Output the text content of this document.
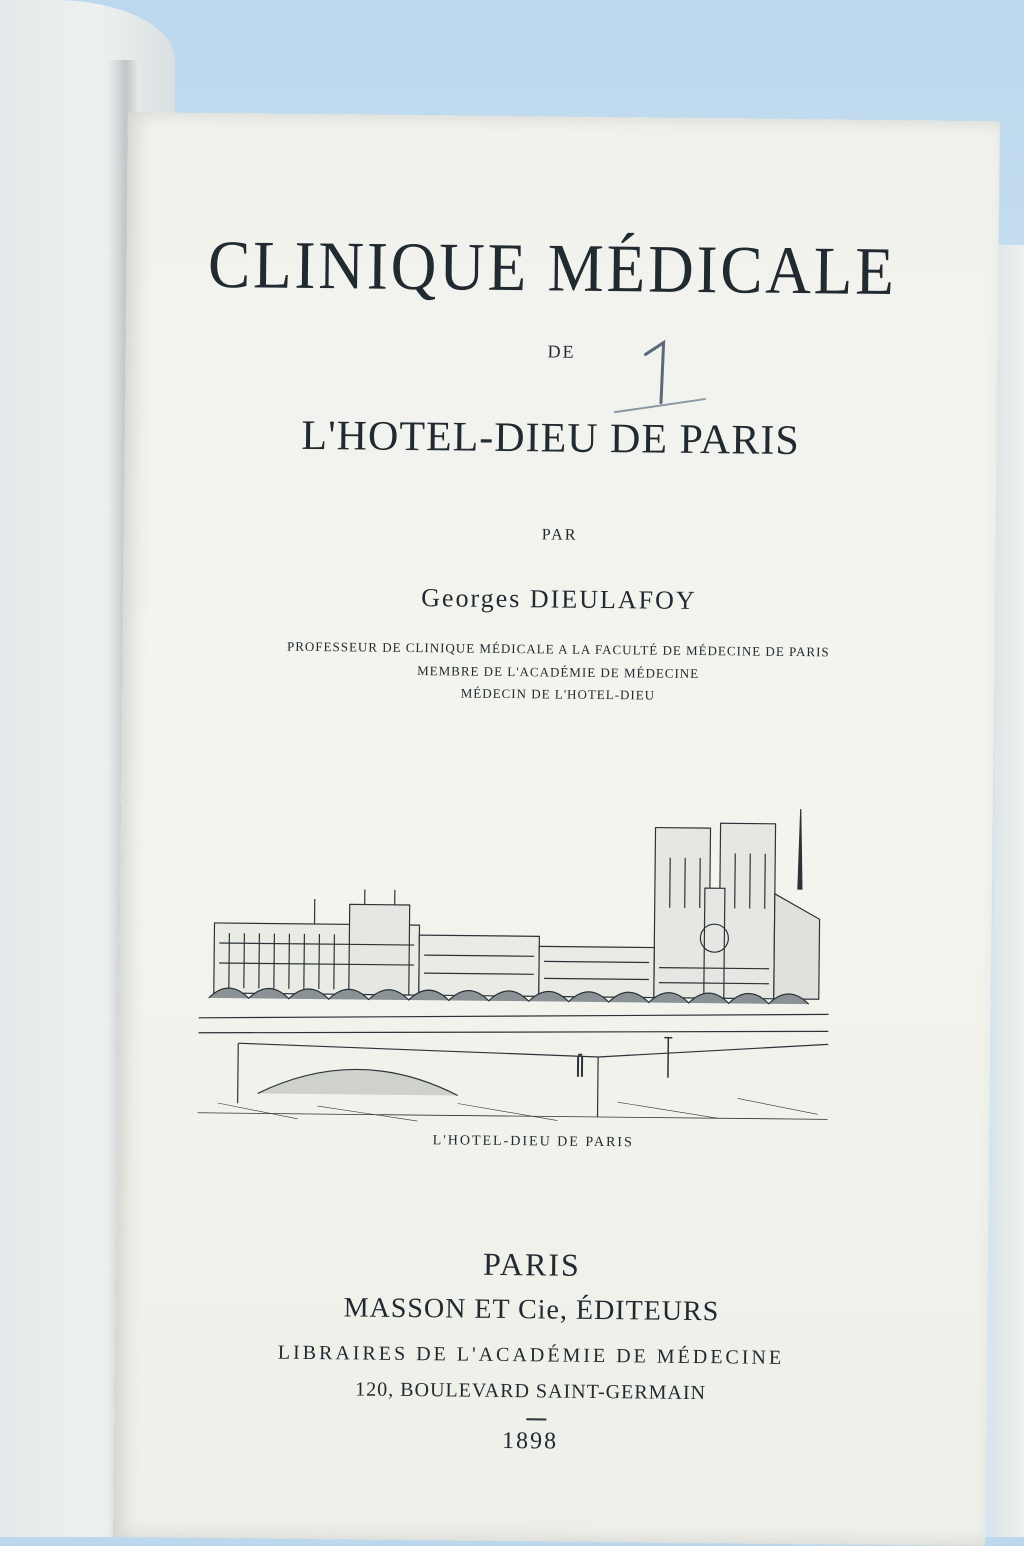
CLINIQUE MÉDICALE
DE
L'HOTEL-DIEU DE PARIS
PAR
Georges DIEULAFOY
PROFESSEUR DE CLINIQUE MÉDICALE A LA FACULTÉ DE MÉDECINE DE PARIS
MEMBRE DE L'ACADÉMIE DE MÉDECINE
MÉDECIN DE L'HOTEL-DIEU
L'HOTEL-DIEU DE PARIS
PARIS
MASSON ET Cie, ÉDITEURS
LIBRAIRES DE L'ACADÉMIE DE MÉDECINE
120, BOULEVARD SAINT-GERMAIN
1898
